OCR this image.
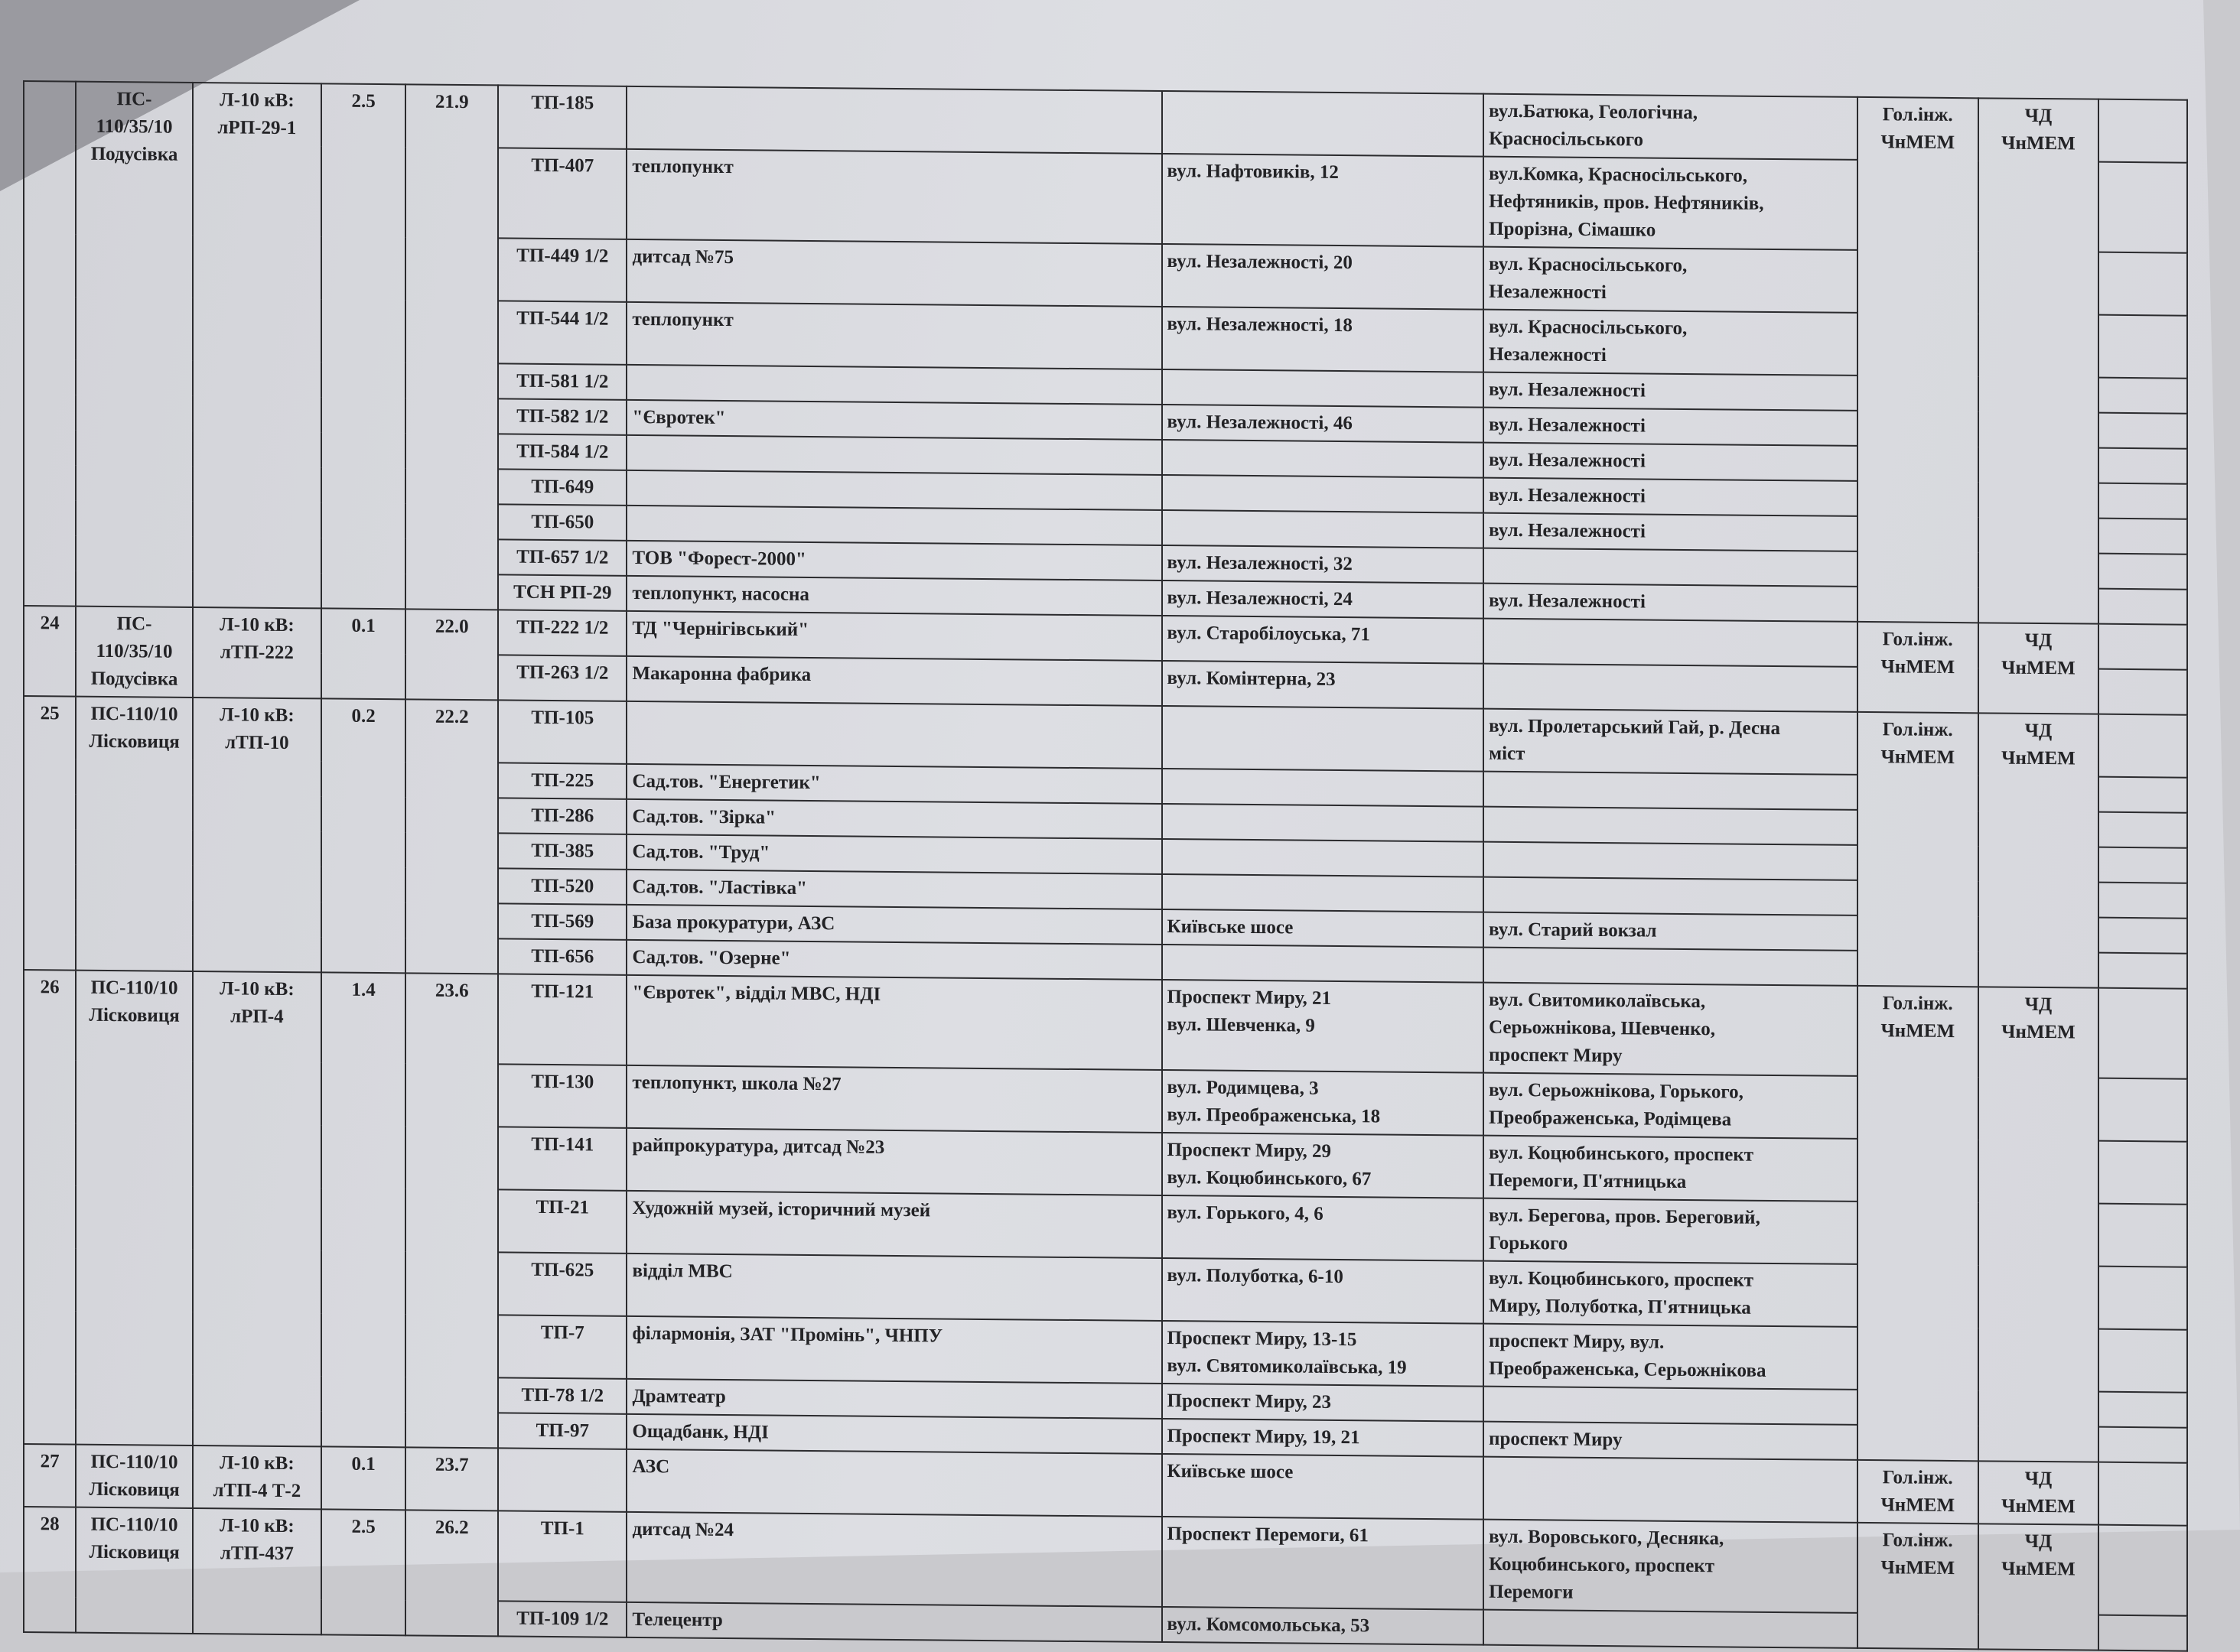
	ПС-
110/35/10
Подусівка	Л-10 кВ:
лРП-29-1	2.5	21.9	ТП-185			вул.Батюка, Геологічна,
Красносільського	Гол.інж.
ЧнМЕМ	ЧД
ЧнМЕМ	
					ТП-407	теплопункт	вул. Нафтовиків, 12	вул.Комка, Красносільського,
Нефтяників, пров. Нефтяників,
Прорізна, Сімашко			
					ТП-449 1/2	дитсад №75	вул. Незалежності, 20	вул. Красносільського,
Незалежності			
					ТП-544 1/2	теплопункт	вул. Незалежності, 18	вул. Красносільського,
Незалежності			
					ТП-581 1/2			вул. Незалежності			
					ТП-582 1/2	"Євротек"	вул. Незалежності, 46	вул. Незалежності			
					ТП-584 1/2			вул. Незалежності			
					ТП-649			вул. Незалежності			
					ТП-650			вул. Незалежності			
					ТП-657 1/2	ТОВ "Форест-2000"	вул. Незалежності, 32				
					ТСН РП-29	теплопункт, насосна	вул. Незалежності, 24	вул. Незалежності			
24	ПС-
110/35/10
Подусівка	Л-10 кВ:
лТП-222	0.1	22.0	ТП-222 1/2	ТД "Чернігівський"	вул. Старобілоуська, 71		Гол.інж.
ЧнМЕМ	ЧД
ЧнМЕМ	
					ТП-263 1/2	Макаронна фабрика	вул. Комінтерна, 23				
25	ПС-110/10
Лісковиця	Л-10 кВ:
лТП-10	0.2	22.2	ТП-105			вул. Пролетарський Гай, р. Десна
міст	Гол.інж.
ЧнМЕМ	ЧД
ЧнМЕМ	
					ТП-225	Сад.тов. "Енергетик"					
					ТП-286	Сад.тов. "Зірка"					
					ТП-385	Сад.тов. "Труд"					
					ТП-520	Сад.тов. "Ластівка"					
					ТП-569	База прокуратури, АЗС	Київське шосе	вул. Старий вокзал			
					ТП-656	Сад.тов. "Озерне"					
26	ПС-110/10
Лісковиця	Л-10 кВ:
лРП-4	1.4	23.6	ТП-121	"Євротек", відділ МВС, НДІ	Проспект Миру, 21
вул. Шевченка, 9	вул. Свитомиколаївська,
Серьожнікова, Шевченко,
проспект Миру	Гол.інж.
ЧнМЕМ	ЧД
ЧнМЕМ	
					ТП-130	теплопункт, школа №27	вул. Родимцева, 3
вул. Преображенська, 18	вул. Серьожнікова, Горького,
Преображенська, Родімцева			
					ТП-141	райпрокуратура, дитсад №23	Проспект Миру, 29
вул. Коцюбинського, 67	вул. Коцюбинського, проспект
Перемоги, П'ятницька			
					ТП-21	Художній музей, історичний музей	вул. Горького, 4, 6	вул. Берегова, пров. Береговий,
Горького			
					ТП-625	відділ МВС	вул. Полуботка, 6-10	вул. Коцюбинського, проспект
Миру, Полуботка, П'ятницька			
					ТП-7	філармонія, ЗАТ "Промінь", ЧНПУ	Проспект Миру, 13-15
вул. Святомиколаївська, 19	проспект Миру, вул.
Преображенська, Серьожнікова			
					ТП-78 1/2	Драмтеатр	Проспект Миру, 23				
					ТП-97	Ощадбанк, НДІ	Проспект Миру, 19, 21	проспект Миру			
27	ПС-110/10
Лісковиця	Л-10 кВ:
лТП-4 Т-2	0.1	23.7		АЗС	Київське шосе		Гол.інж.
ЧнМЕМ	ЧД
ЧнМЕМ	
28	ПС-110/10
Лісковиця	Л-10 кВ:
лТП-437	2.5	26.2	ТП-1	дитсад №24	Проспект Перемоги, 61	вул. Воровського, Десняка,
Коцюбинського, проспект
Перемоги	Гол.інж.
ЧнМЕМ	ЧД
ЧнМЕМ	
					ТП-109 1/2	Телецентр	вул. Комсомольська, 53				
